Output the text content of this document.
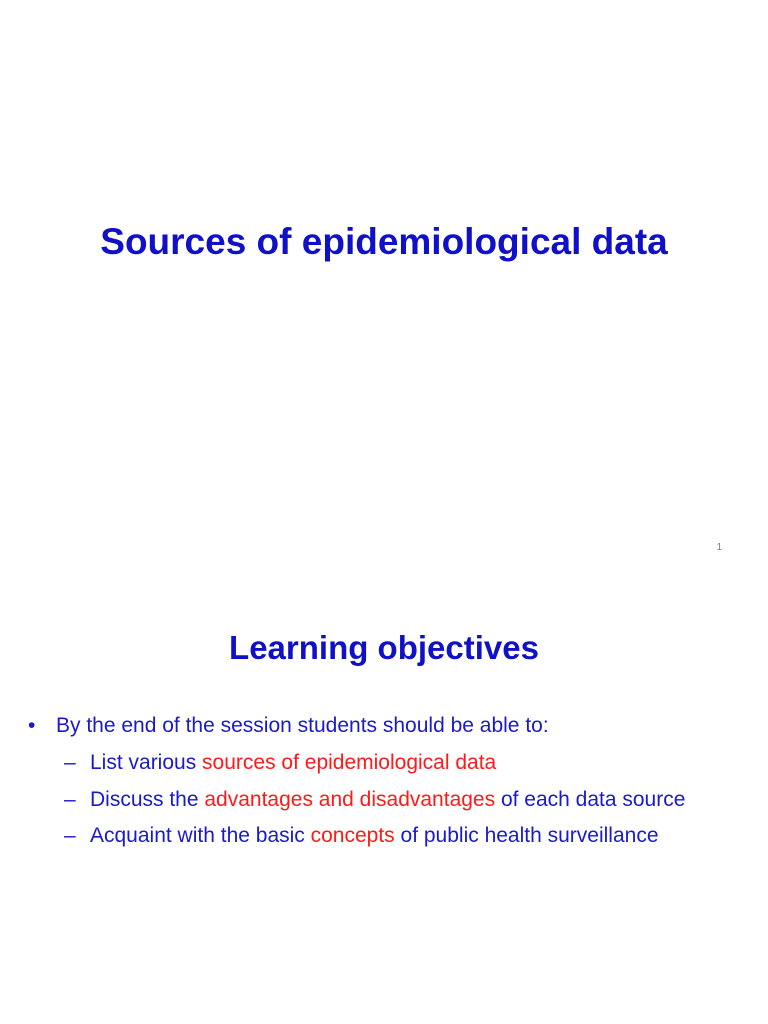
Sources of epidemiological data
1
Learning objectives
• By the end of the session students should be able to:
– List various sources of epidemiological data
– Discuss the advantages and disadvantages of each data source
– Acquaint with the basic concepts of public health surveillance
